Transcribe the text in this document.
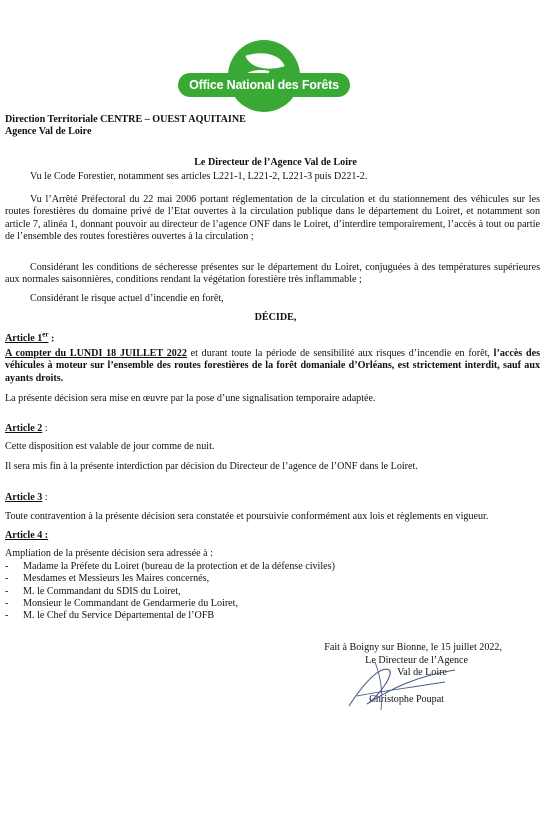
Office National des Forêts
Direction Territoriale CENTRE – OUEST AQUITAINE
Agence Val de Loire
Le Directeur de l’Agence Val de Loire
Vu le Code Forestier, notamment ses articles L221-1, L221-2, L221-3 puis D221-2.
Vu l’Arrêté Préfectoral du 22 mai 2006 portant réglementation de la circulation et du stationnement des véhicules sur les routes forestières du domaine privé de l’Etat ouvertes à la circulation publique dans le département du Loiret, et notamment son article 7, alinéa 1, donnant pouvoir au directeur de l’agence ONF dans le Loiret, d’interdire temporairement, l’accès à tout ou partie de l’ensemble des routes forestières ouvertes à la circulation ;
Considérant les conditions de sécheresse présentes sur le département du Loiret, conjuguées à des températures supérieures aux normales saisonnières, conditions rendant la végétation forestière très inflammable ;
Considérant le risque actuel d’incendie en forêt,
DÉCIDE,
Article 1er :
A compter du LUNDI 18 JUILLET 2022 et durant toute la période de sensibilité aux risques d’incendie en forêt, l’accès des véhicules à moteur sur l’ensemble des routes forestières de la forêt domaniale d’Orléans, est strictement interdit, sauf aux ayants droits.
La présente décision sera mise en œuvre par la pose d’une signalisation temporaire adaptée.
Article 2 :
Cette disposition est valable de jour comme de nuit.
Il sera mis fin à la présente interdiction par décision du Directeur de l’agence de l’ONF dans le Loiret.
Article 3 :
Toute contravention à la présente décision sera constatée et poursuivie conformément aux lois et règlements en vigueur.
Article 4 :
Ampliation de la présente décision sera adressée à :
- Madame la Préfete du Loiret (bureau de la protection et de la défense civiles)
- Mesdames et Messieurs les Maires concernés,
- M. le Commandant du SDIS du Loiret,
- Monsieur le Commandant de Gendarmerie du Loiret,
- M. le Chef du Service Départemental de l’OFB
Fait à Boigny sur Bionne, le 15 juillet 2022,
Le Directeur de l’Agence
Val de Loire
Christophe Poupat
